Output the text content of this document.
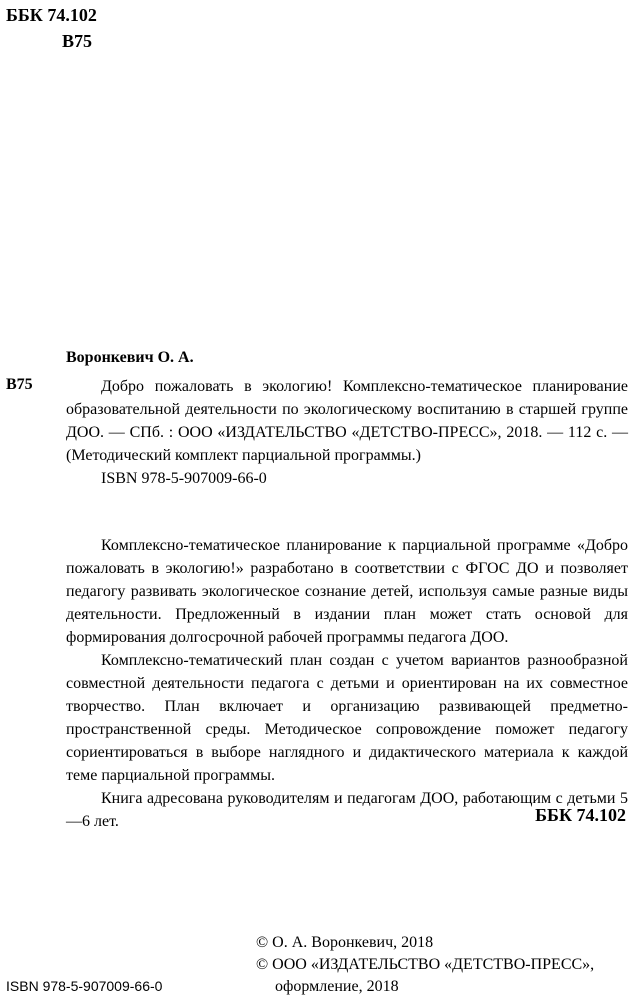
ББК 74.102
В75
Воронкевич О. А.
В75	Добро пожаловать в экологию! Комплексно-тематическое планирование образовательной деятельности по экологическому воспитанию в старшей группе ДОО. — СПб. : ООО «ИЗДАТЕЛЬСТВО «ДЕТСТВО-ПРЕСС», 2018. — 112 с. — (Методический комплект парциальной программы.)

ISBN 978-5-907009-66-0

Комплексно-тематическое планирование к парциальной программе «Добро пожаловать в экологию!» разработано в соответствии с ФГОС ДО и позволяет педагогу развивать экологическое сознание детей, используя самые разные виды деятельности. Предложенный в издании план может стать основой для формирования долгосрочной рабочей программы педагога ДОО.

Комплексно-тематический план создан с учетом вариантов разнообразной совместной деятельности педагога с детьми и ориентирован на их совместное творчество. План включает и организацию развивающей предметно-пространственной среды. Методическое сопровождение поможет педагогу сориентироваться в выборе наглядного и дидактического материала к каждой теме парциальной программы.

Книга адресована руководителям и педагогам ДОО, работающим с детьми 5—6 лет.	ББК 74.102
© О. А. Воронкевич, 2018
© ООО «ИЗДАТЕЛЬСТВО «ДЕТСТВО-ПРЕСС»,
оформление, 2018
ISBN 978-5-907009-66-0
